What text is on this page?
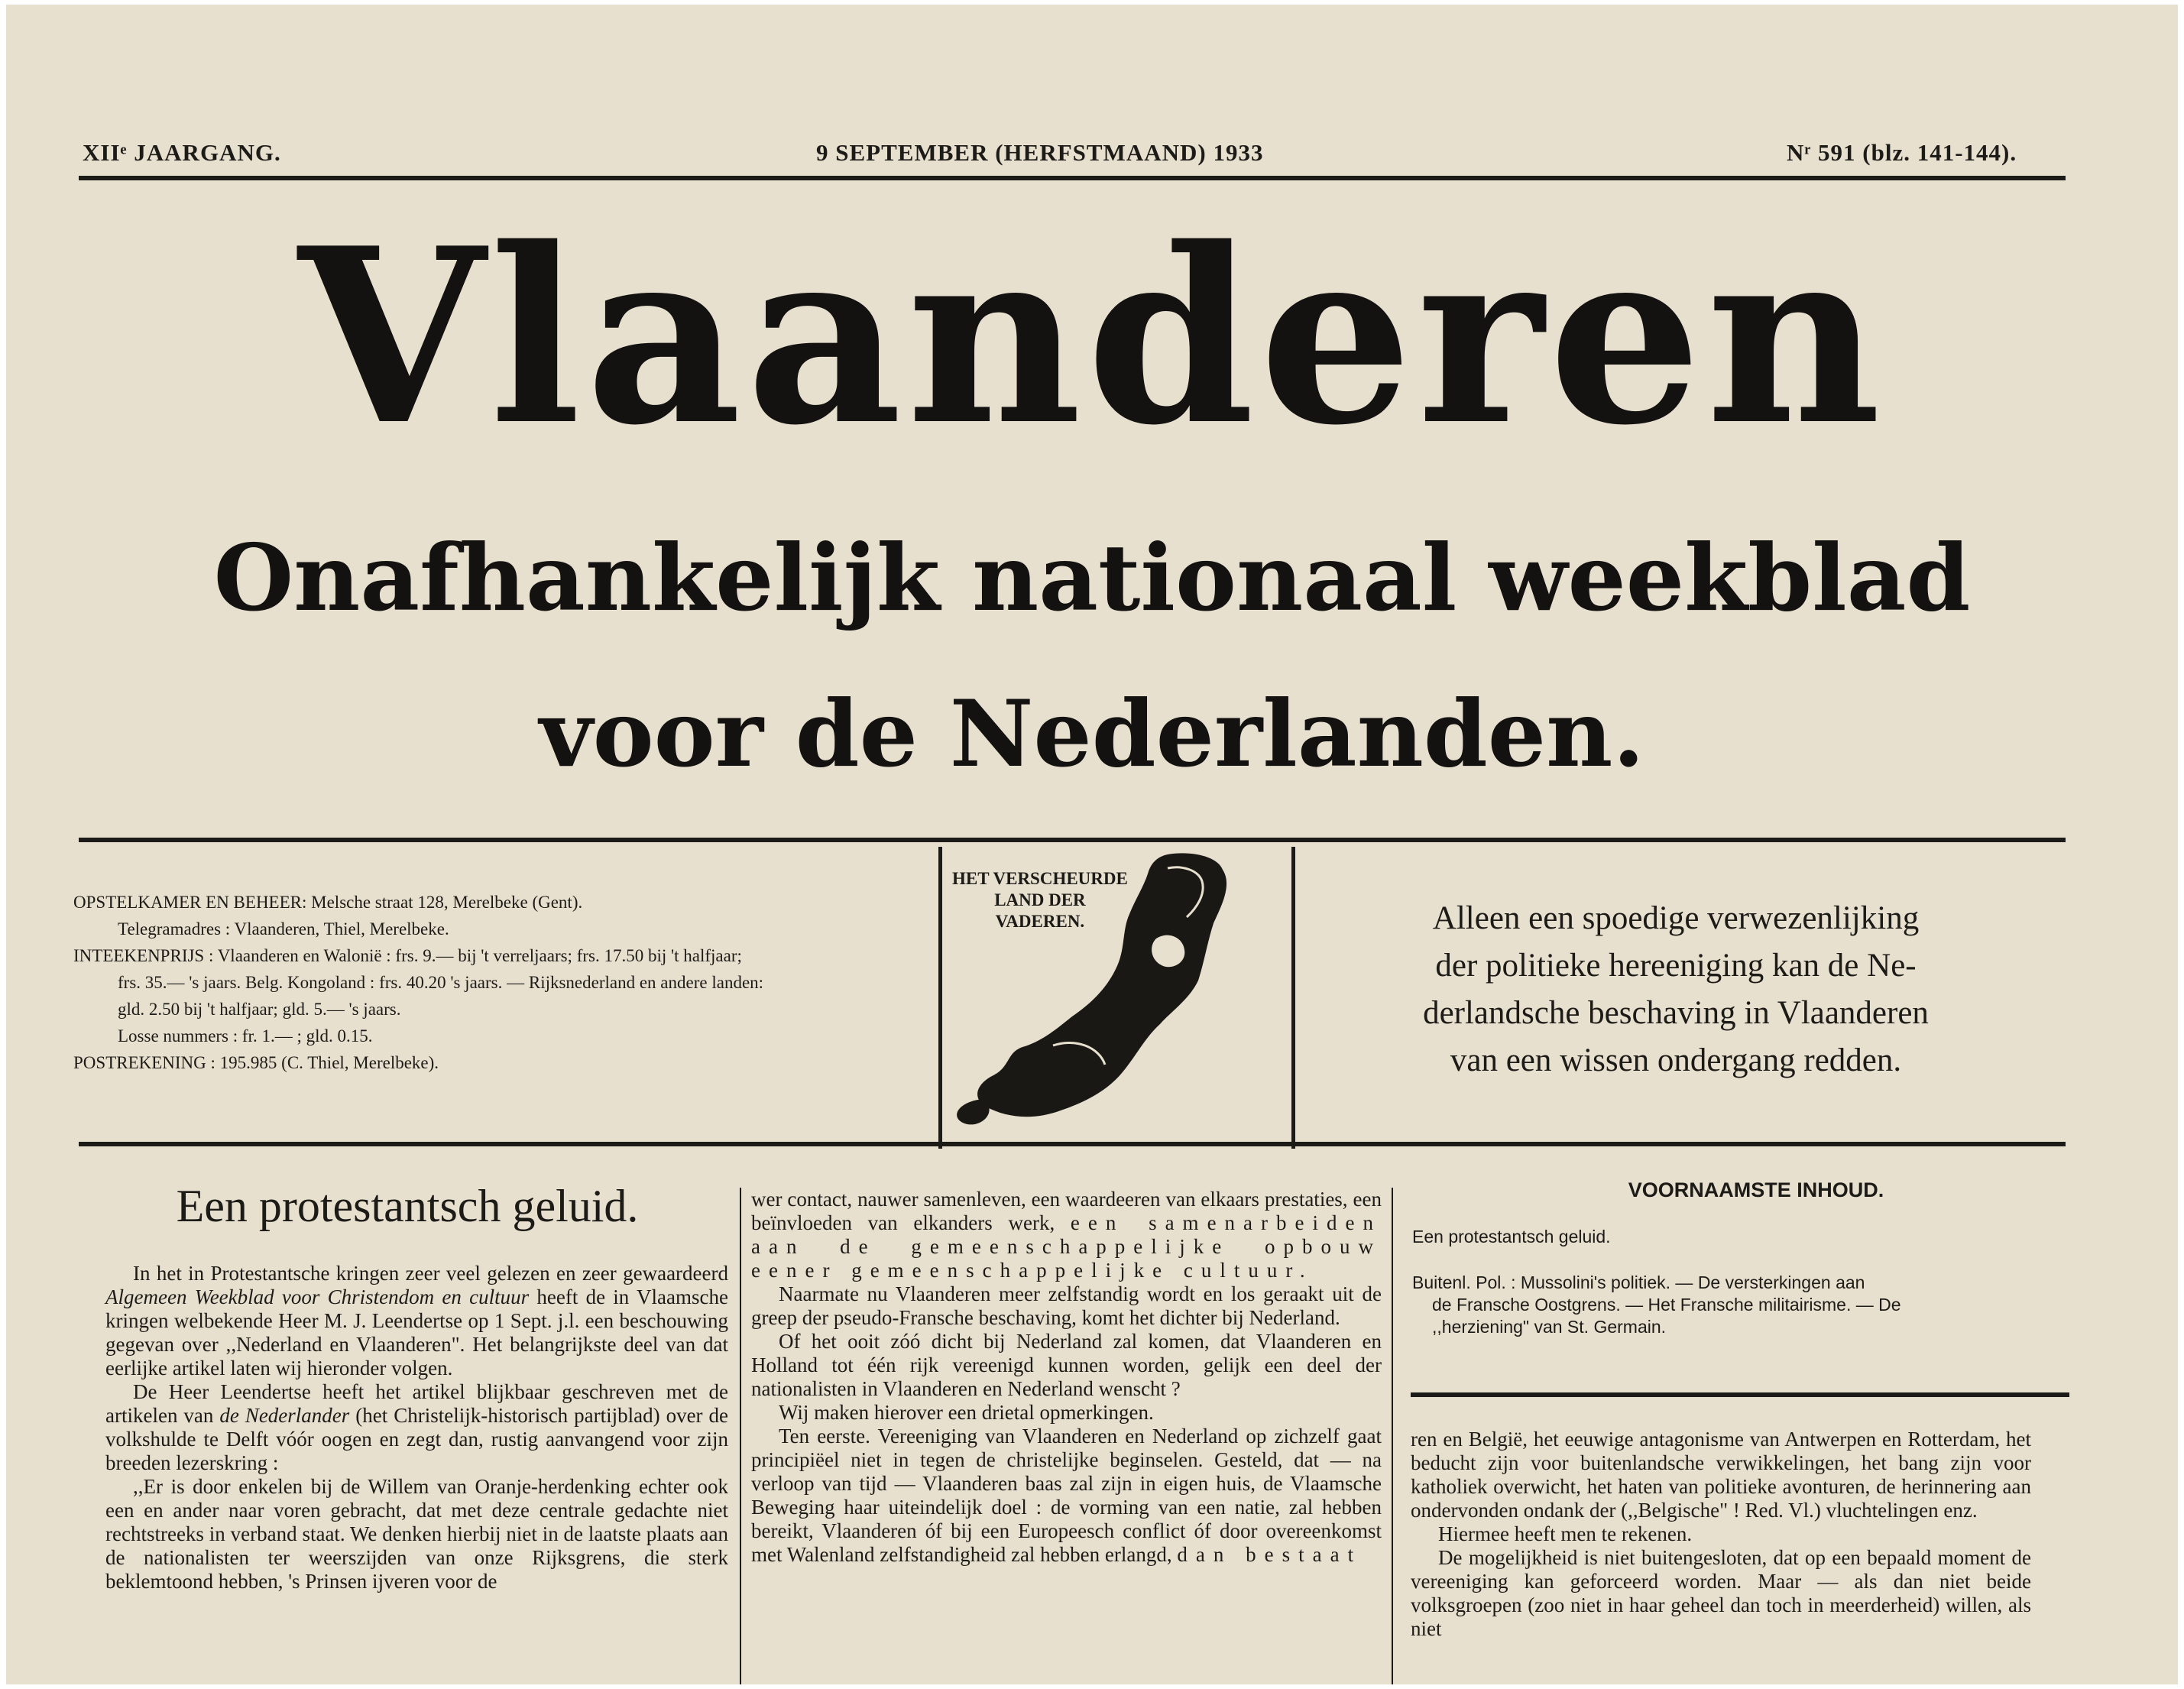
XIIᵉ JAARGANG.	9 SEPTEMBER (HERFSTMAAND) 1933	Nʳ 591 (blz. 141-144).
Vlaanderen
Onafhankelijk nationaal weekblad
voor de Nederlanden.
OPSTELKAMER EN BEHEER: Melsche straat 128, Merelbeke (Gent).
Telegramadres : Vlaanderen, Thiel, Merelbeke.
INTEEKENPRIJS : Vlaanderen en Walonië : frs. 9.— bij 't verreljaars; frs. 17.50 bij 't halfjaar;
frs. 35.— 's jaars. Belg. Kongoland : frs. 40.20 's jaars. — Rijksnederland en andere landen:
gld. 2.50 bij 't halfjaar; gld. 5.— 's jaars.
Losse nummers : fr. 1.— ; gld. 0.15.
POSTREKENING : 195.985 (C. Thiel, Merelbeke).
HET VERSCHEURDE
LAND DER
VADEREN.	Alleen een spoedige verwezenlijking
der politieke hereeniging kan de Ne-
derlandsche beschaving in Vlaanderen
van een wissen ondergang redden.
Een protestantsch geluid.

In het in Protestantsche kringen zeer veel gelezen en zeer gewaardeerd Algemeen Weekblad voor Christendom en cultuur heeft de in Vlaamsche kringen welbekende Heer M. J. Leendertse op 1 Sept. j.l. een beschouwing gegevan over ,,Nederland en Vlaanderen". Het belangrijkste deel van dat eerlijke artikel laten wij hieronder volgen.

De Heer Leendertse heeft het artikel blijkbaar geschreven met de artikelen van de Nederlander (het Christelijk-historisch partijblad) over de volkshulde te Delft vóór oogen en zegt dan, rustig aanvangend voor zijn breeden lezerskring :

,,Er is door enkelen bij de Willem van Oranje-herdenking echter ook een en ander naar voren gebracht, dat met deze centrale gedachte niet rechtstreeks in verband staat. We denken hierbij niet in de laatste plaats aan de nationalisten ter weerszijden van onze Rijksgrens, die sterk beklemtoond hebben, 's Prinsen ijveren voor de

wer contact, nauwer samenleven, een waardeeren van elkaars prestaties, een beïnvloeden van elkanders werk, een samenarbeiden aan de gemeenschappelijke opbouw eener gemeenschappelijke cultuur.

Naarmate nu Vlaanderen meer zelfstandig wordt en los geraakt uit de greep der pseudo-Fransche beschaving, komt het dichter bij Nederland.

Of het ooit zóó dicht bij Nederland zal komen, dat Vlaanderen en Holland tot één rijk vereenigd kunnen worden, gelijk een deel der nationalisten in Vlaanderen en Nederland wenscht ?

Wij maken hierover een drietal opmerkingen.

Ten eerste. Vereeniging van Vlaanderen en Nederland op zichzelf gaat principiëel niet in tegen de christelijke beginselen. Gesteld, dat — na verloop van tijd — Vlaanderen baas zal zijn in eigen huis, de Vlaamsche Beweging haar uiteindelijk doel : de vorming van een natie, zal hebben bereikt, Vlaanderen óf bij een Europeesch conflict óf door overeenkomst met Walenland zelfstandigheid zal hebben erlangd, dan bestaat

VOORNAAMSTE INHOUD.
Een protestantsch geluid.
Buitenl. Pol. : Mussolini's politiek. — De versterkingen aan
de Fransche Oostgrens. — Het Fransche militairisme. — De
,,herziening" van St. Germain.

ren en België, het eeuwige antagonisme van Antwerpen en Rotterdam, het beducht zijn voor buitenlandsche verwikkelingen, het bang zijn voor katholiek overwicht, het haten van politieke avonturen, de herinnering aan ondervonden ondank der (,,Belgische" ! Red. Vl.) vluchtelingen enz.

Hiermee heeft men te rekenen.

De mogelijkheid is niet buitengesloten, dat op een bepaald moment de vereeniging kan geforceerd worden. Maar — als dan niet beide volksgroepen (zoo niet in haar geheel dan toch in meerderheid) willen, als niet
